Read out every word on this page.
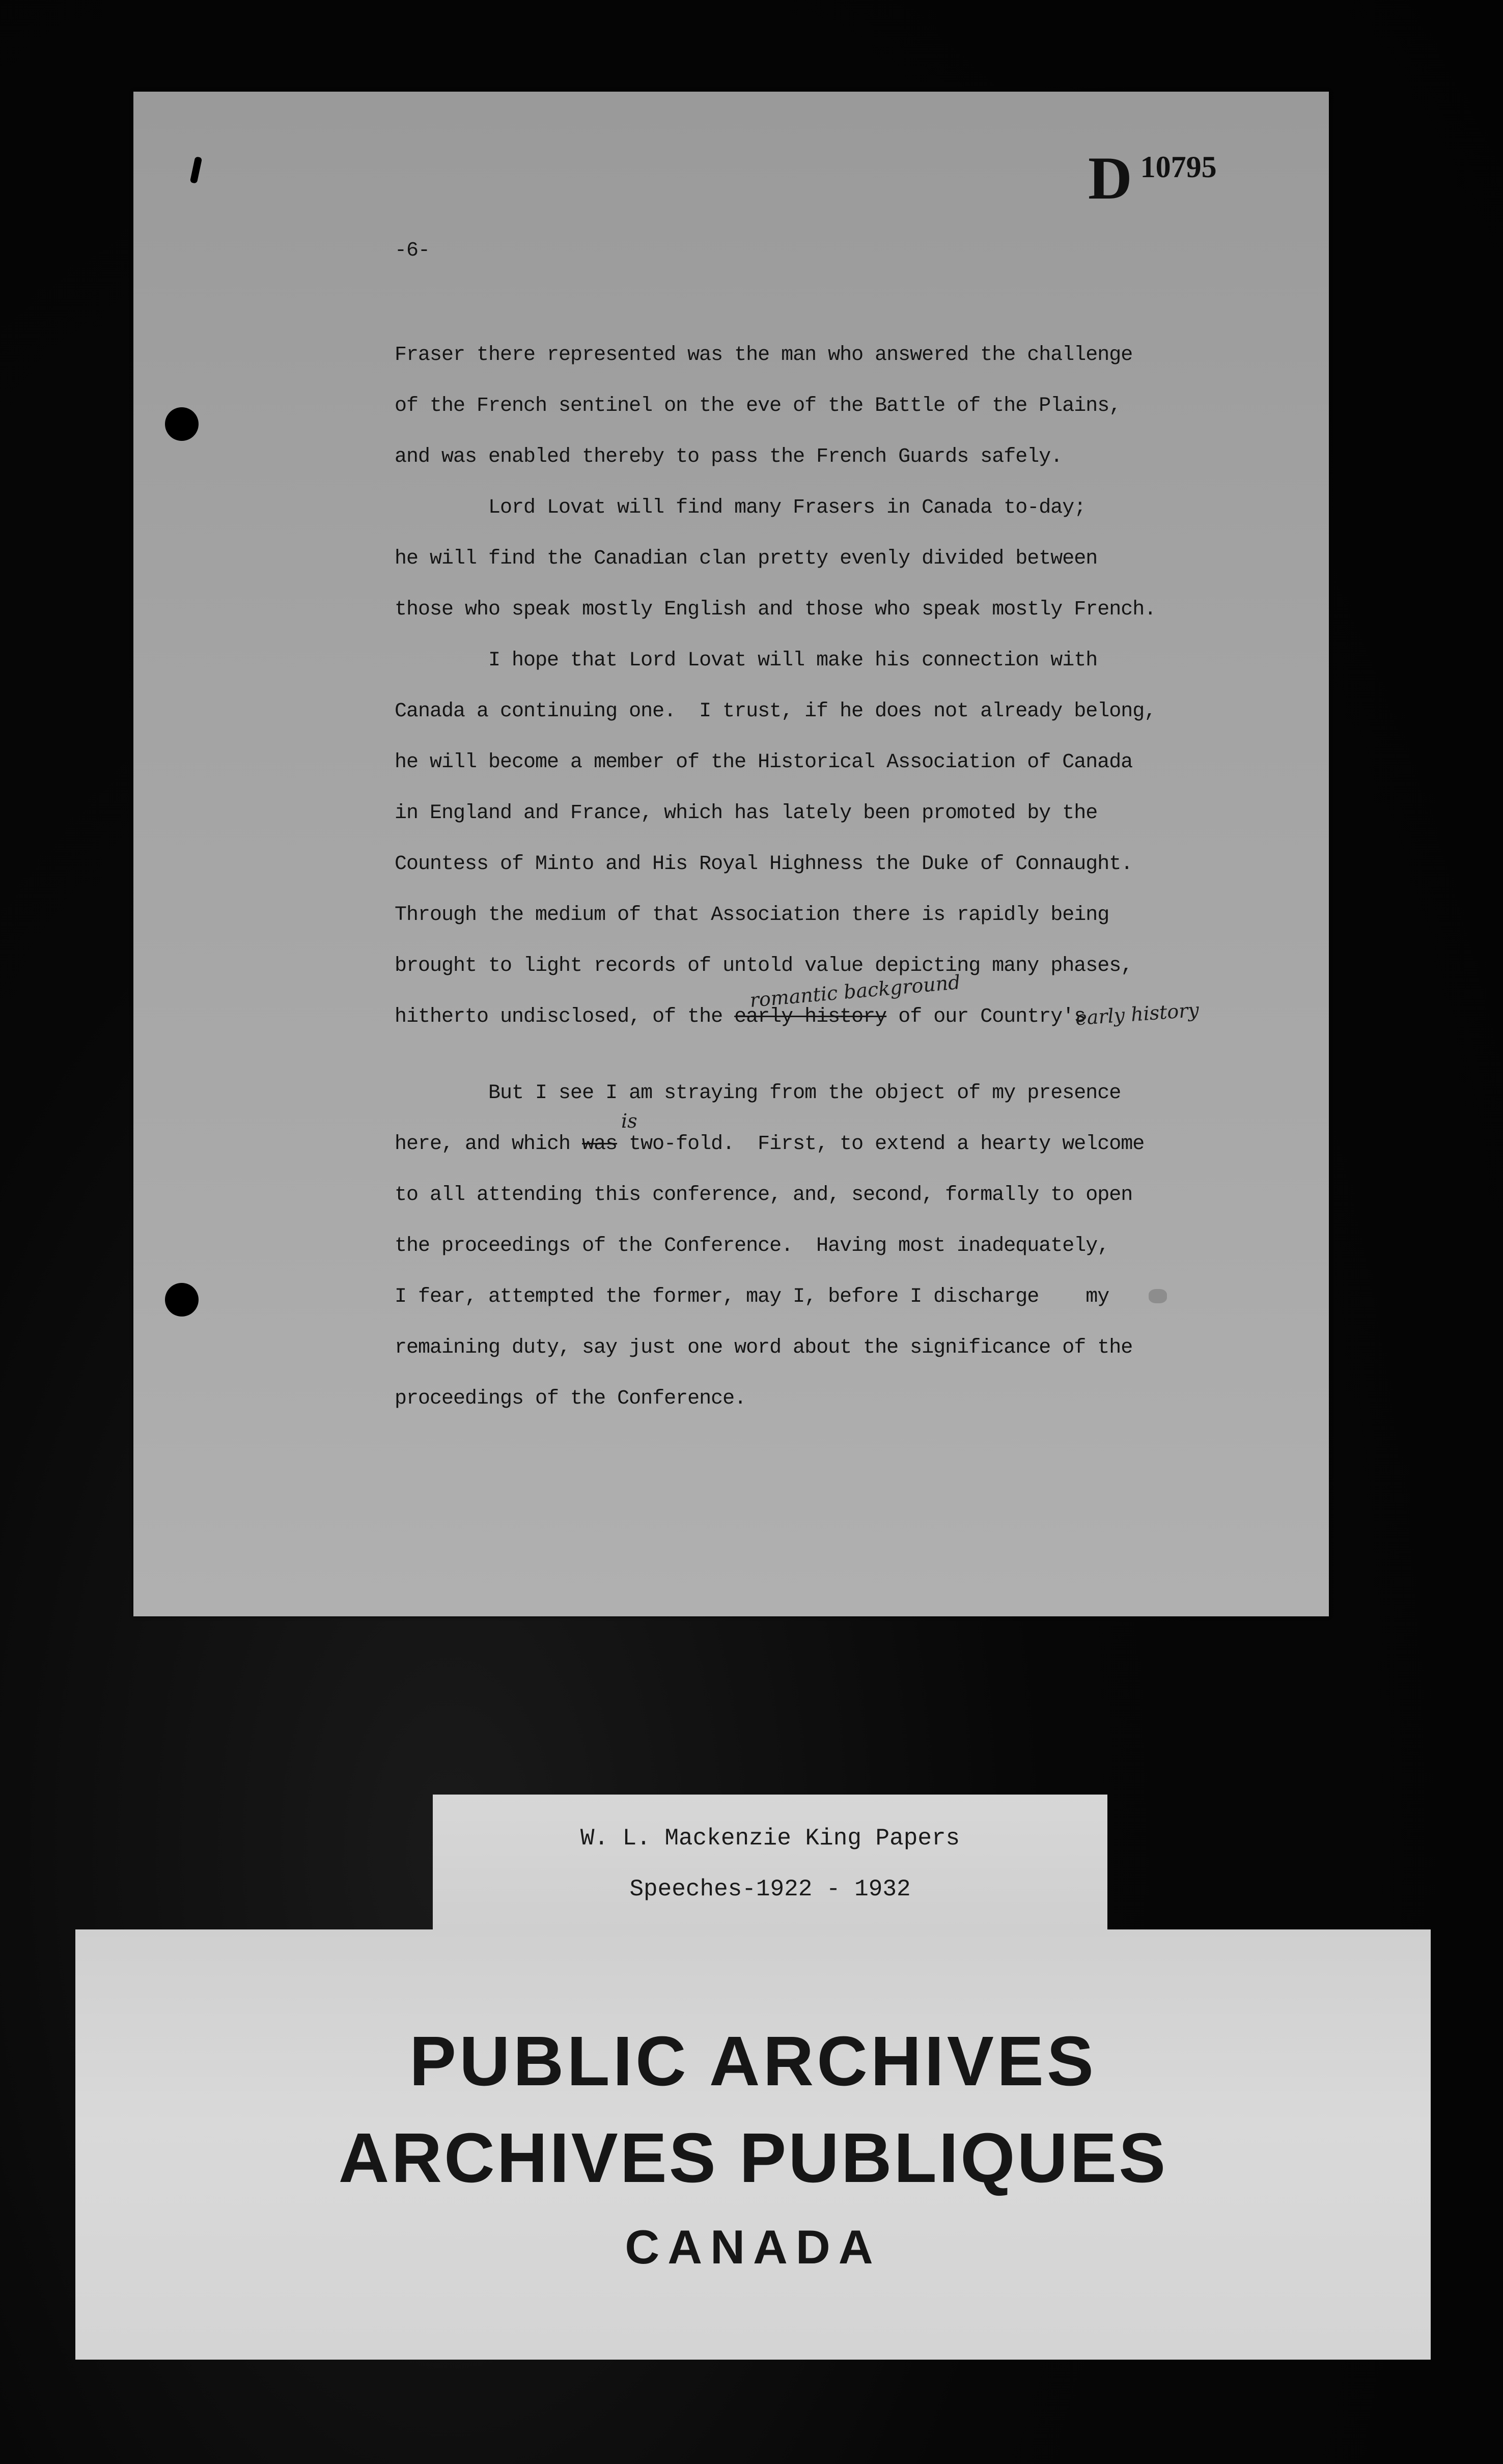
D 10795
-6-
Fraser there represented was the man who answered the challenge
of the French sentinel on the eve of the Battle of the Plains,
and was enabled thereby to pass the French Guards safely.
Lord Lovat will find many Frasers in Canada to-day;
he will find the Canadian clan pretty evenly divided between
those who speak mostly English and those who speak mostly French.
I hope that Lord Lovat will make his connection with
Canada a continuing one.  I trust, if he does not already belong,
he will become a member of the Historical Association of Canada
in England and France, which has lately been promoted by the
Countess of Minto and His Royal Highness the Duke of Connaught.
Through the medium of that Association there is rapidly being
brought to light records of untold value depicting many phases,
hitherto undisclosed, of the early history of our Country's
romantic background
early history
But I see I am straying from the object of my presence
here, and which was two-fold.  First, to extend a hearty welcome
is
to all attending this conference, and, second, formally to open
the proceedings of the Conference.  Having most inadequately,
I fear, attempted the former, may I, before I discharge    my
remaining duty, say just one word about the significance of the
proceedings of the Conference.
W. L. Mackenzie King Papers
Speeches-1922 - 1932
PUBLIC ARCHIVES
ARCHIVES PUBLIQUES
CANADA
